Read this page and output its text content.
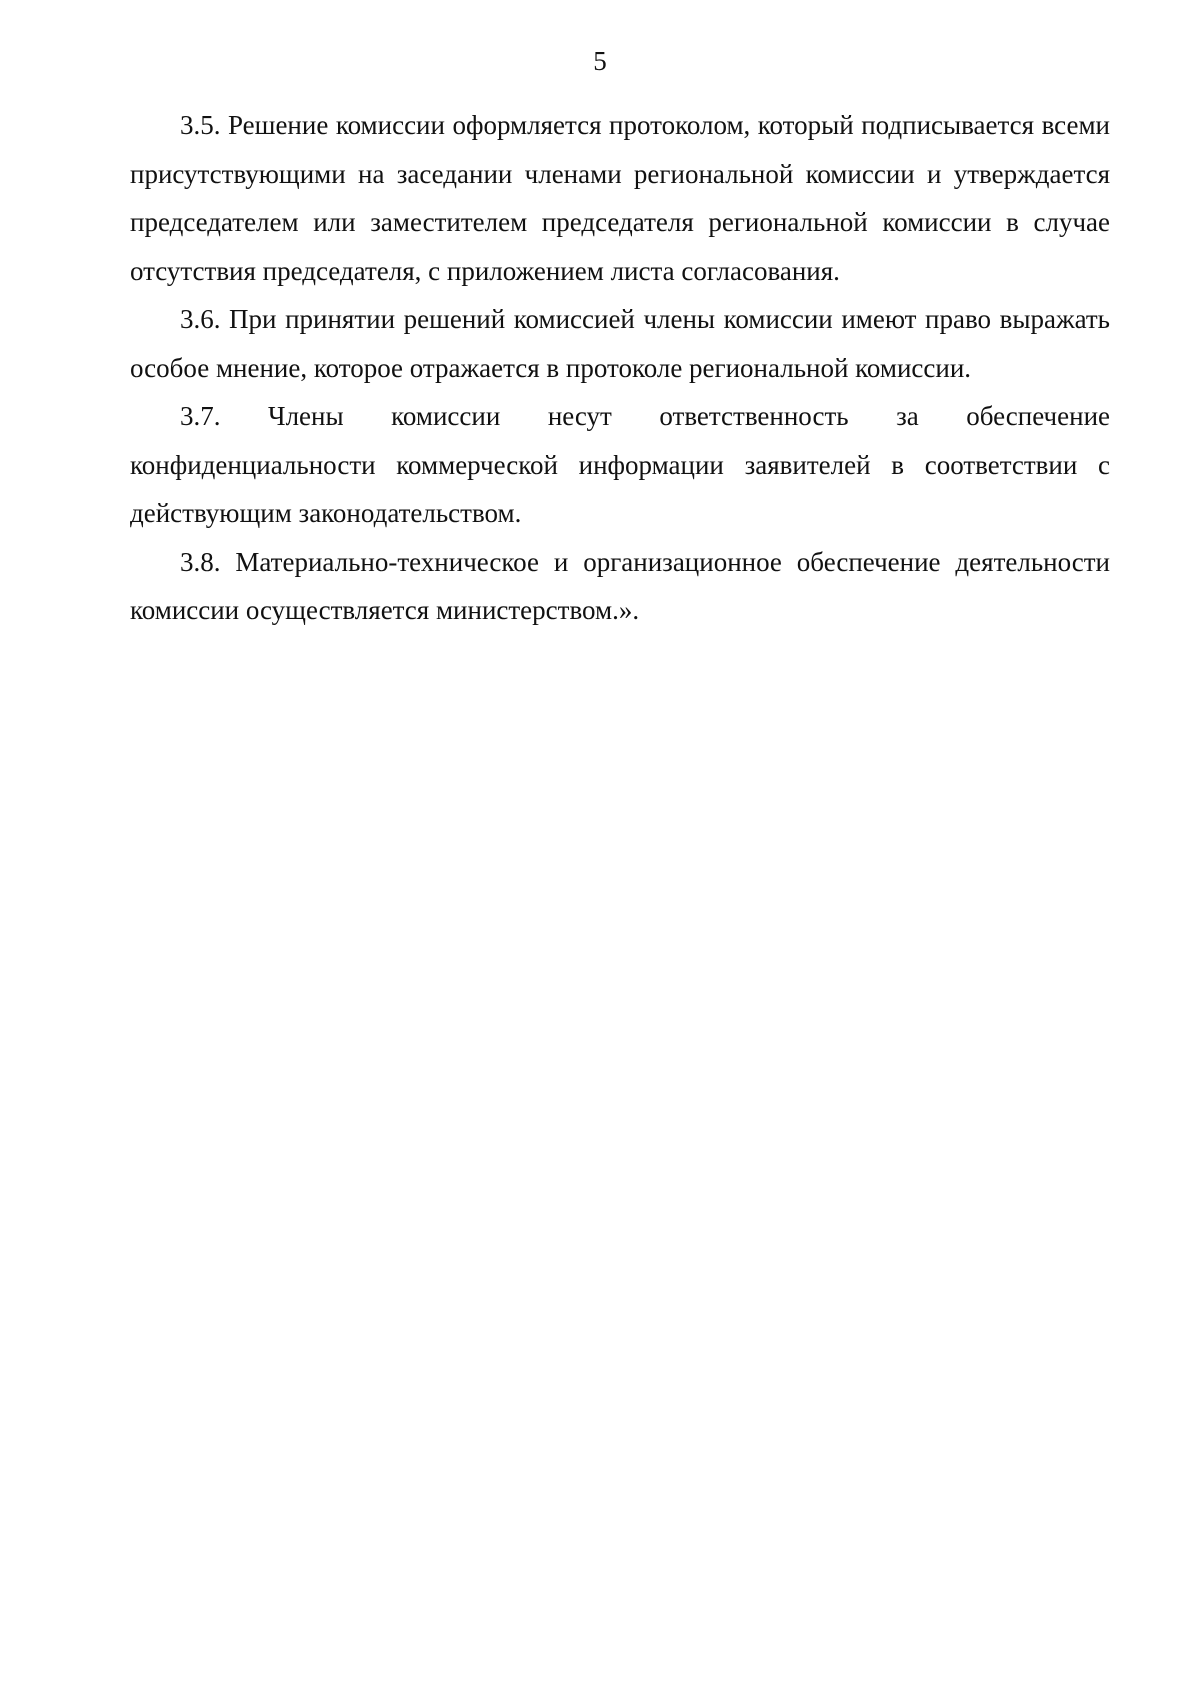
5

3.5. Решение комиссии оформляется протоколом, который подписывается всеми присутствующими на заседании членами региональной комиссии и утверждается председателем или заместителем председателя региональной комиссии в случае отсутствия председателя, с приложением листа согласования.

3.6. При принятии решений комиссией члены комиссии имеют право выражать особое мнение, которое отражается в протоколе региональной комиссии.

3.7. Члены комиссии несут ответственность за обеспечение конфиденциальности коммерческой информации заявителей в соответствии с действующим законодательством.

3.8. Материально-техническое и организационное обеспечение деятельности комиссии осуществляется министерством.».
